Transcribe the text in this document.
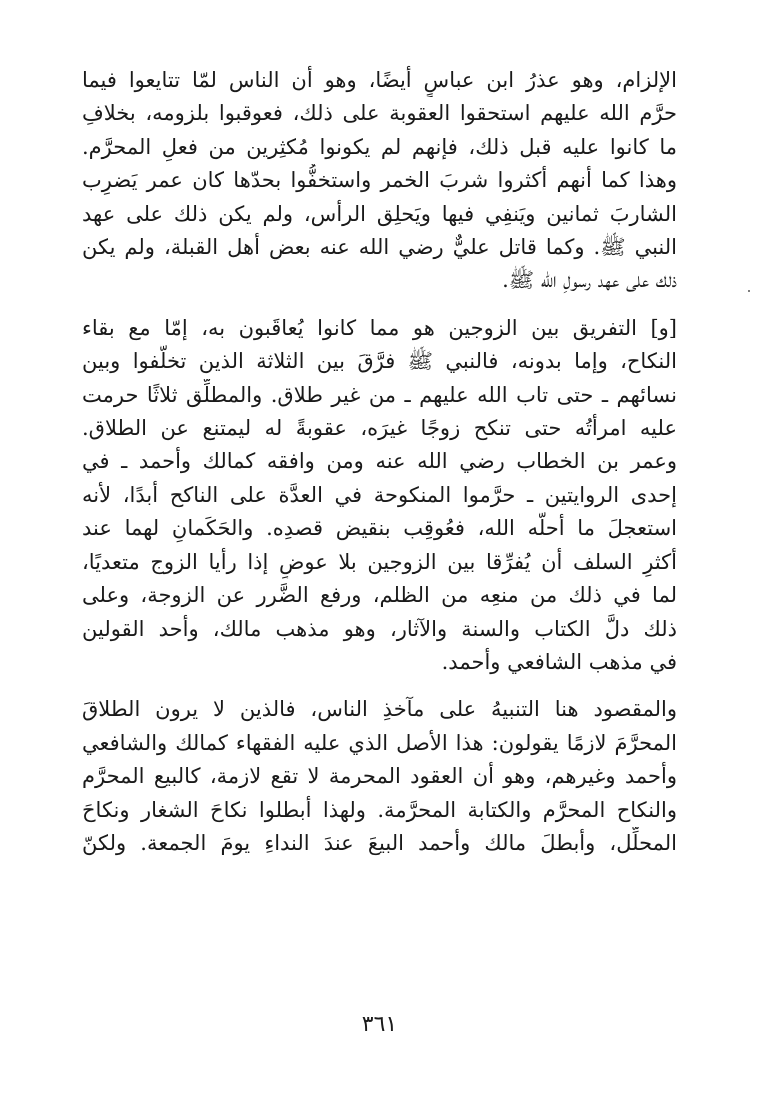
الإلزام، وهو عذرُ ابن عباسٍ أيضًا، وهو أن الناس لمّا تتايعوا فيما
حرَّم الله عليهم استحقوا العقوبة على ذلك، فعوقبوا بلزومه، بخلافِ
ما كانوا عليه قبل ذلك، فإنهم لم يكونوا مُكثِرين من فعلِ المحرَّم.
وهذا كما أنهم أكثروا شربَ الخمر واستخفُّوا بحدّها كان عمر يَضرِب
الشاربَ ثمانين ويَنفِي فيها ويَحلِق الرأس، ولم يكن ذلك على عهد
النبي ﷺ. وكما قاتل عليٌّ رضي الله عنه بعض أهل القبلة، ولم يكن
ذلك على عهد رسولِ الله ﷺ.

[و] التفريق بين الزوجين هو مما كانوا يُعاقَبون به، إمّا مع بقاء
النكاح، وإما بدونه، فالنبي ﷺ فرَّقَ بين الثلاثة الذين تخلَّفوا وبين
نسائهم ـ حتى تاب الله عليهم ـ من غير طلاق. والمطلِّق ثلاثًا حرمت
عليه امرأتُه حتى تنكح زوجًا غيرَه، عقوبةً له ليمتنع عن الطلاق.
وعمر بن الخطاب رضي الله عنه ومن وافقه كمالك وأحمد ـ في
إحدى الروايتين ـ حرَّموا المنكوحة في العدَّة على الناكح أبدًا، لأنه
استعجلَ ما أحلَّه الله، فعُوقِب بنقيض قصدِه. والحَكَمانِ لهما عند
أكثرِ السلف أن يُفرِّقا بين الزوجين بلا عوضٍ إذا رأيا الزوج متعديًا،
لما في ذلك من منعِه من الظلم، ورفع الضَّرر عن الزوجة، وعلى
ذلك دلَّ الكتاب والسنة والآثار، وهو مذهب مالك، وأحد القولين
في مذهب الشافعي وأحمد.

والمقصود هنا التنبيهُ على مآخذِ الناس، فالذين لا يرون الطلاقَ
المحرَّمَ لازمًا يقولون: هذا الأصل الذي عليه الفقهاء كمالك والشافعي
وأحمد وغيرهم، وهو أن العقود المحرمة لا تقع لازمة، كالبيع المحرَّم
والنكاح المحرَّم والكتابة المحرَّمة. ولهذا أبطلوا نكاحَ الشغار ونكاحَ
المحلِّل، وأبطلَ مالك وأحمد البيعَ عندَ النداءِ يومَ الجمعة. ولكنّ

٣٦١
